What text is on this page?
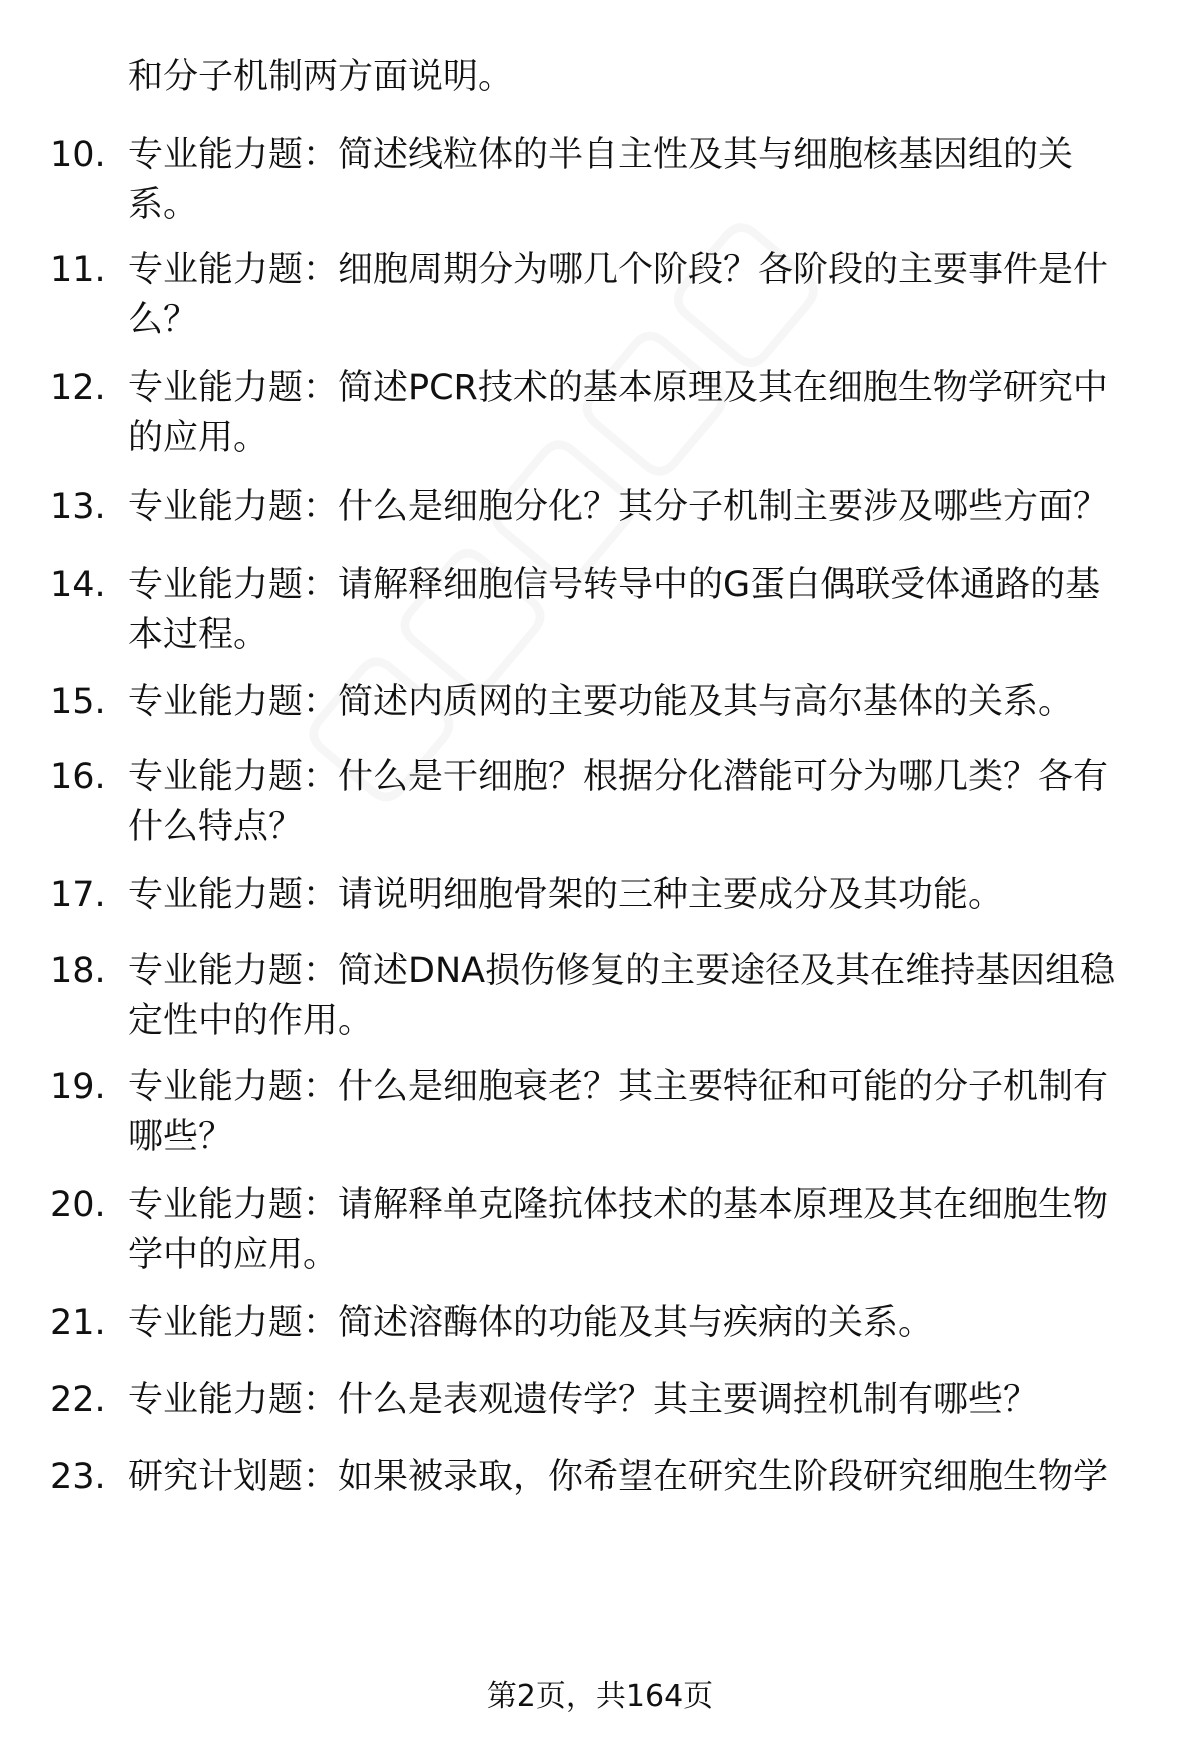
和分子机制两方面说明。
10. 专业能力题：简述线粒体的半自主性及其与细胞核基因组的关
系。
11. 专业能力题：细胞周期分为哪几个阶段？各阶段的主要事件是什
么？
12. 专业能力题：简述PCR技术的基本原理及其在细胞生物学研究中
的应用。
13. 专业能力题：什么是细胞分化？其分子机制主要涉及哪些方面？
14. 专业能力题：请解释细胞信号转导中的G蛋白偶联受体通路的基
本过程。
15. 专业能力题：简述内质网的主要功能及其与高尔基体的关系。
16. 专业能力题：什么是干细胞？根据分化潜能可分为哪几类？各有
什么特点？
17. 专业能力题：请说明细胞骨架的三种主要成分及其功能。
18. 专业能力题：简述DNA损伤修复的主要途径及其在维持基因组稳
定性中的作用。
19. 专业能力题：什么是细胞衰老？其主要特征和可能的分子机制有
哪些？
20. 专业能力题：请解释单克隆抗体技术的基本原理及其在细胞生物
学中的应用。
21. 专业能力题：简述溶酶体的功能及其与疾病的关系。
22. 专业能力题：什么是表观遗传学？其主要调控机制有哪些？
23. 研究计划题：如果被录取，你希望在研究生阶段研究细胞生物学
第2页，共164页
